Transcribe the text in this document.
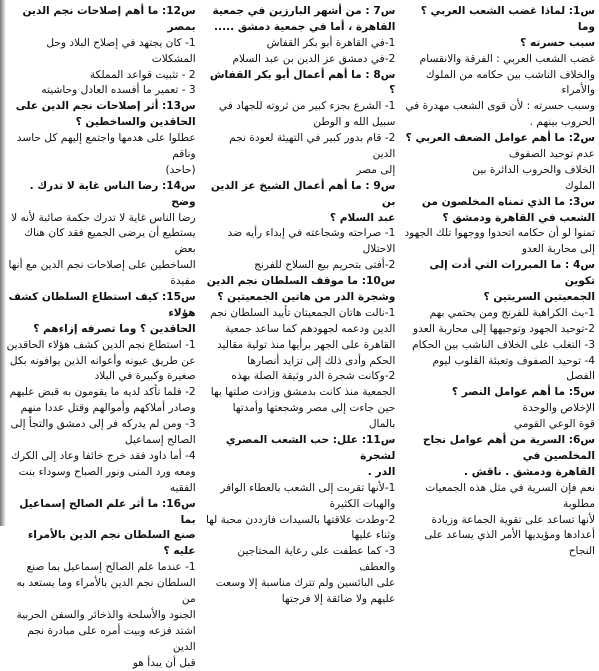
س1: لماذا غضب الشعب العربي ؟ وما

سبب حسرته ؟

غضب الشعب العربي : الفرقة والانقسام

والخلاف الناشب بين حكامه من الملوك

والأمراء

وسبب حسرته : لأن قوى الشعب مهدرة في

الحروب بينهم .

س2: ما أهم عوامل الضعف العربي ؟

عدم توحيد الصفوف

الخلاف والحروب الدائرة بين

الملوك

س3: ما الذي تمناه المخلصون من

الشعب في القاهرة ودمشق ؟

تمنوا لو أن حكامه اتحدوا ووجهوا تلك الجهود

إلى محاربة العدو

س4 : ما المبررات التي أدت إلى تكوين

الجمعيتين السريتين ؟

1-بث الكراهية للفرنج ومن يحتمي بهم

2-توحيد الجهود وتوجيهها إلى محاربة العدو

3- التغلب على الخلاف الناشب بين الحكام

4- توحيد الصفوف وتعبئة القلوب ليوم الفصل

س5: ما أهم عوامل النصر ؟

الإخلاص والوحدة

قوة الوعي القومي

س6: السرية من أهم عوامل نجاح المخلصين في

القاهرة ودمشق . ناقش .

نعم فإن السرية في مثل هذه الجمعيات مطلوبة

لأنها تساعد على تقوية الجماعة وزيادة

أعدادها ومؤيديها الأمر الذي يساعد على

النجاح

س7 : من أشهر البارزين في جمعية

القاهرة ، أما في جمعية دمشق .....

1-في القاهرة أبو بكر القفاش

2-في دمشق عز الدين بن عبد السلام

س8 : ما أهم أعمال أبو بكر القفاش ؟

1- الشرع بجزء كبير من ثروته للجهاد في

سبيل الله و الوطن

2- قام بدور كبير في التهيئة لعودة نجم الدين

إلى مصر

س9 : ما أهم أعمال الشيخ عز الدين بن

عبد السلام ؟

1- صراحته وشجاعته في إبداء رأيه ضد

الاحتلال

2-أفتى بتحريم بيع السلاح للفرنج

س10: ما موقف السلطان نجم الدين

وشجرة الدر من هاتين الجمعيتين ؟

1-نالت هاتان الجمعيتان تأييد السلطان نجم

الدين ودعمه لجهودهم كما ساعد جمعية

القاهرة على الجهر برأيها منذ تولية مقاليد

الحكم وأدى ذلك إلى تزايد أنصارها

2-وكانت شجرة الدر وثيقة الصلة بهذه

الجمعية منذ كانت بدمشق وزادت صلتها بها

حين جاءت إلى مصر وشجعتها وأمدتها بالمال

س11: علل: حب الشعب المصري لشجرة

الدر .

1-لأنها تقربت إلى الشعب بالعطاء الوافر

والهبات الكثيرة

2-وطدت علاقتها بالسيدات فازددن محبة لها

وثناء عليها

3- كما عطفت على رعاية المحتاجين والعطف

على البائسين ولم تترك مناسبة إلا وسعت

عليهم ولا ضائقة إلا فرجتها

س12: ما أهم إصلاحات نجم الدين بمصر

1- كان يجتهد في إصلاح البلاد وحل

المشكلات

2 - تثبيت قواعد المملكة

3 - تعمير ما أفسده العادل وحاشيته

س13: أثر إصلاحات نجم الدين على

الحاقدين والساخطين ؟

عطلوا على هدمها واجتمع إليهم كل حاسد وناقم

(حاحد)

س14: رضا الناس غاية لا تدرك . وضح

رضا الناس غاية لا تدرك حكمة صائبة لأنه لا

يستطيع أن يرضى الجميع فقد كان هناك بعض

الساخطين على إصلاحات نجم الدين مع أنها

مفيدة

س15: كيف استطاع السلطان كشف هؤلاء

الحاقدين ؟ وما تصرفه إزاءهم ؟

1- استطاع نجم الدين كشف هؤلاء الحاقدين

عن طريق عيونه وأعوانه الذين يوافونه بكل

صغيرة وكبيرة في البلاد

2- فلما تأكد لديه ما يقومون به قبض عليهم

وصادر أملاكهم وأموالهم وقتل عددا منهم

3- ومن لم يدركه فر إلى دمشق والتجأ إلى

الصالح إسماعيل

4- أما داود فقد خرج خائفا وعاد إلى الكرك

ومعه ورد المنى ونور الصباح وسوداء بنت

الفقيه

س16: ما أثر علم الصالح إسماعيل بما

صنع السلطان نجم الدين بالأمراء عليه ؟

1- عندما علم الصالح إسماعيل بما صنع

السلطان نجم الدين بالأمراء وما يستعد به من

الجنود والأسلحة والذخائر والسفن الحربية

اشتد فزعه وبيت أمره على مبادرة نجم الدين

قبل أن يبدأ هو
